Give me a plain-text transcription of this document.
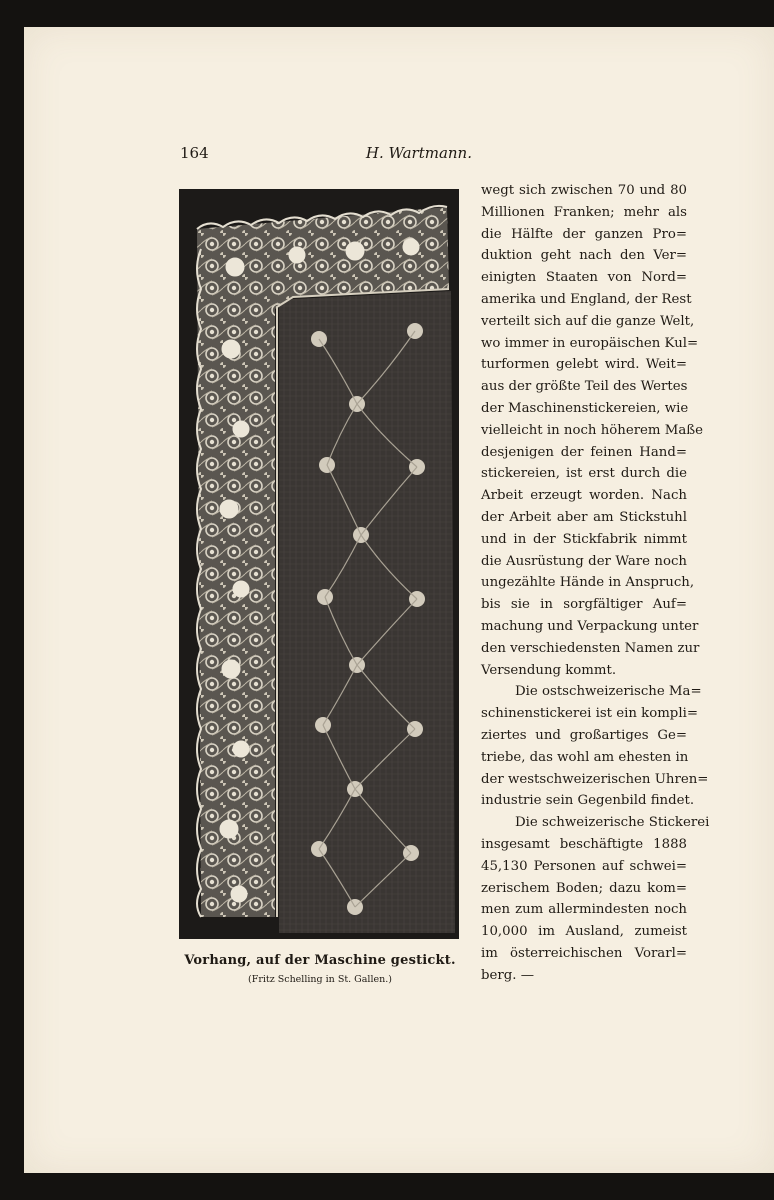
164	H. Wartmann.
Vorhang, auf der Maschine gestickt.
(Fritz Schelling in St. Gallen.)
wegt sich zwischen 70 und 80
Millionen Franken; mehr als
die Hälfte der ganzen Pro=
duktion geht nach den Ver=
einigten Staaten von Nord=
amerika und England, der Rest
verteilt sich auf die ganze Welt,
wo immer in europäischen Kul=
turformen gelebt wird. Weit=
aus der größte Teil des Wertes
der Maschinenstickereien, wie
vielleicht in noch höherem Maße
desjenigen der feinen Hand=
stickereien, ist erst durch die
Arbeit erzeugt worden. Nach
der Arbeit aber am Stickstuhl
und in der Stickfabrik nimmt
die Ausrüstung der Ware noch
ungezählte Hände in Anspruch,
bis sie in sorgfältiger Auf=
machung und Verpackung unter
den verschiedensten Namen zur
Versendung kommt.
Die ostschweizerische Ma=
schinenstickerei ist ein kompli=
ziertes und großartiges Ge=
triebe, das wohl am ehesten in
der westschweizerischen Uhren=
industrie sein Gegenbild findet.
Die schweizerische Stickerei
insgesamt beschäftigte 1888
45,130 Personen auf schwei=
zerischem Boden; dazu kom=
men zum allermindesten noch
10,000 im Ausland, zumeist
im österreichischen Vorarl=
berg. —
